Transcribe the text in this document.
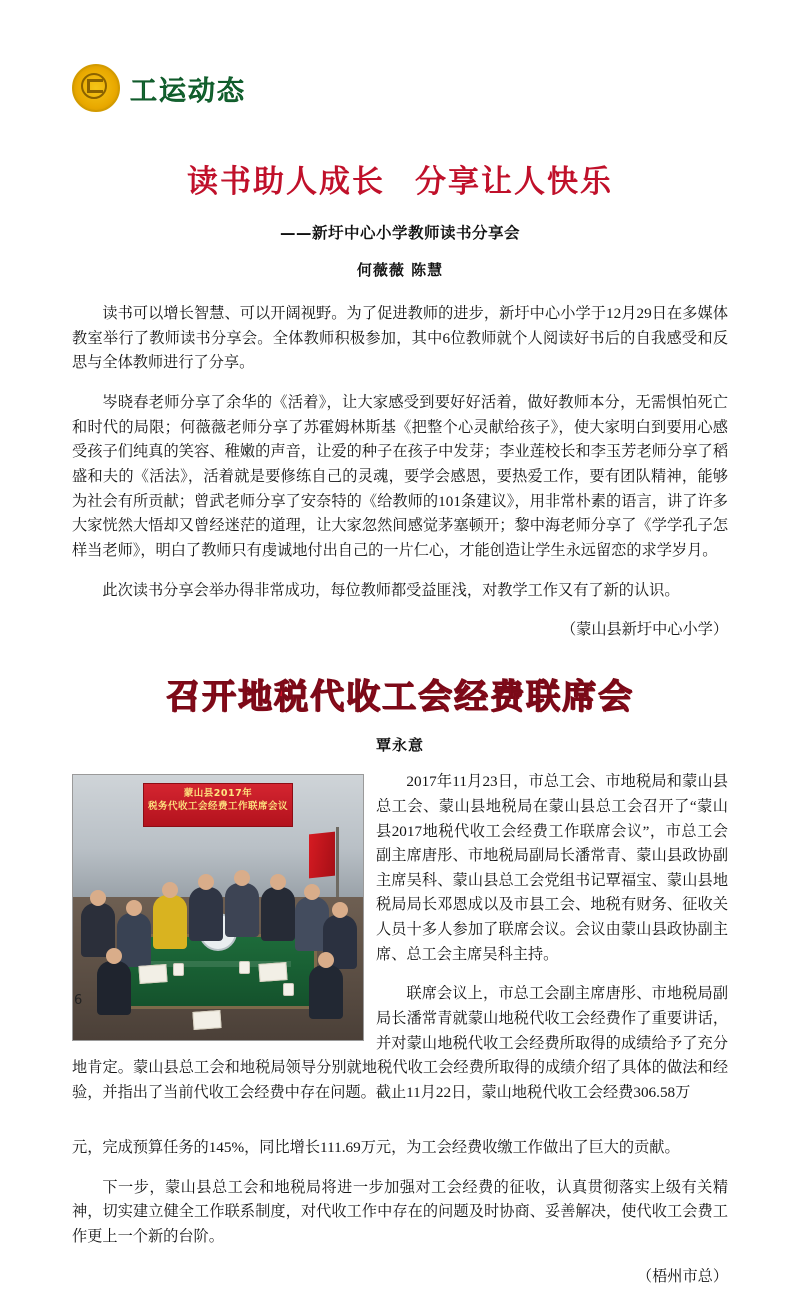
工运动态
读书助人成长 分享让人快乐
——新圩中心小学教师读书分享会
何薇薇 陈慧

读书可以增长智慧、可以开阔视野。为了促进教师的进步，新圩中心小学于12月29日在多媒体教室举行了教师读书分享会。全体教师积极参加，其中6位教师就个人阅读好书后的自我感受和反思与全体教师进行了分享。

岑晓春老师分享了余华的《活着》，让大家感受到要好好活着，做好教师本分，无需惧怕死亡和时代的局限；何薇薇老师分享了苏霍姆林斯基《把整个心灵献给孩子》，使大家明白到要用心感受孩子们纯真的笑容、稚嫩的声音，让爱的种子在孩子中发芽；李业莲校长和李玉芳老师分享了稻盛和夫的《活法》，活着就是要修练自己的灵魂，要学会感恩，要热爱工作，要有团队精神，能够为社会有所贡献；曾武老师分享了安奈特的《给教师的101条建议》，用非常朴素的语言，讲了许多大家恍然大悟却又曾经迷茫的道理，让大家忽然间感觉茅塞顿开；黎中海老师分享了《学学孔子怎样当老师》，明白了教师只有虔诚地付出自己的一片仁心，才能创造让学生永远留恋的求学岁月。

此次读书分享会举办得非常成功，每位教师都受益匪浅，对教学工作又有了新的认识。

（蒙山县新圩中心小学）
召开地税代收工会经费联席会
覃永意
蒙山县2017年
税务代收工会经费工作联席会议

2017年11月23日，市总工会、市地税局和蒙山县总工会、蒙山县地税局在蒙山县总工会召开了“蒙山县2017地税代收工会经费工作联席会议”，市总工会副主席唐彤、市地税局副局长潘常青、蒙山县政协副主席吴科、蒙山县总工会党组书记覃福宝、蒙山县地税局局长邓恩成以及市县工会、地税有财务、征收关人员十多人参加了联席会议。会议由蒙山县政协副主席、总工会主席吴科主持。

联席会议上，市总工会副主席唐彤、市地税局副局长潘常青就蒙山地税代收工会经费作了重要讲话，并对蒙山地税代收工会经费所取得的成绩给予了充分地肯定。蒙山县总工会和地税局领导分别就地税代收工会经费所取得的成绩介绍了具体的做法和经验，并指出了当前代收工会经费中存在问题。截止11月22日，蒙山地税代收工会经费306.58万

元，完成预算任务的145%，同比增长111.69万元，为工会经费收缴工作做出了巨大的贡献。

下一步，蒙山县总工会和地税局将进一步加强对工会经费的征收，认真贯彻落实上级有关精神，切实建立健全工作联系制度，对代收工作中存在的问题及时协商、妥善解决，使代收工会费工作更上一个新的台阶。

（梧州市总）
6
